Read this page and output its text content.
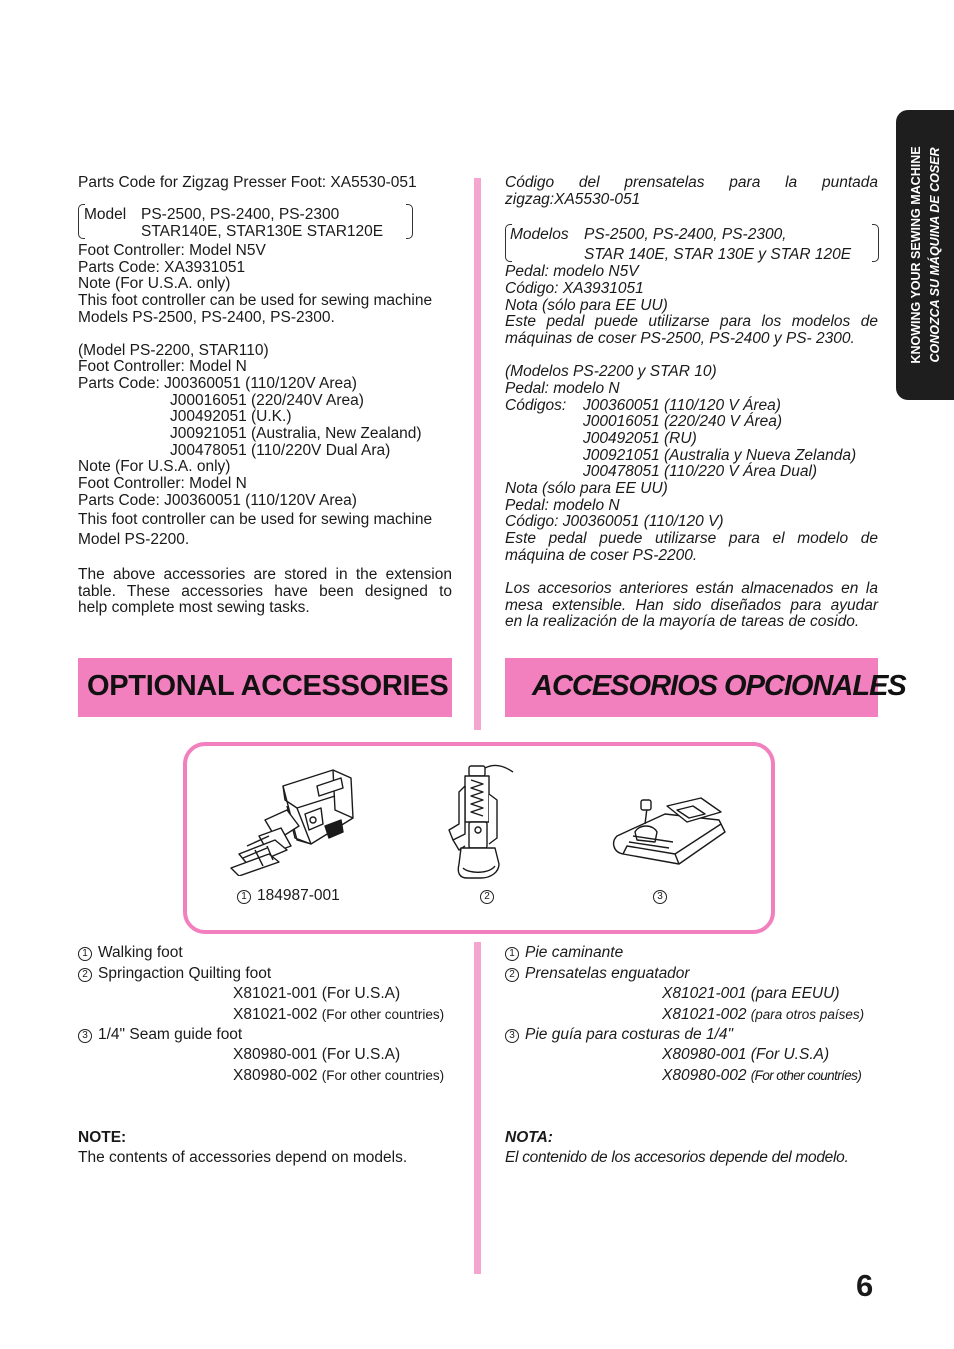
KNOWING YOUR SEWING MACHINE CONOZCA SU MÁQUINA DE COSER
Parts Code for Zigzag Presser Foot: XA5530-051
Model PS-2500, PS-2400, PS-2300
STAR140E, STAR130E STAR120E
Foot Controller: Model N5V
Parts Code: XA3931051
Note (For U.S.A. only)
This foot controller can be used for sewing machine
Models PS-2500, PS-2400, PS-2300.
(Model PS-2200, STAR110)
Foot Controller: Model N
Parts Code: J00360051 (110/120V Area)
J00016051 (220/240V Area)
J00492051 (U.K.)
J00921051 (Australia, New Zealand)
J00478051 (110/220V Dual Ara)
Note (For U.S.A. only)
Foot Controller: Model N
Parts Code: J00360051 (110/120V Area)
This foot controller can be used for sewing machine
Model PS-2200.
The above accessories are stored in the extension
table. These accessories have been designed to
help complete most sewing tasks.
OPTIONAL ACCESSORIES
1 Walking foot
2 Springaction Quilting foot
X81021-001 (For U.S.A)
X81021-002 (For other countries)
3 1/4" Seam guide foot
X80980-001 (For U.S.A)
X80980-002 (For other countries)
NOTE:
The contents of accessories depend on models.
Código del prensatelas para la puntada
zigzag:XA5530-051
Modelos PS-2500, PS-2400, PS-2300,
STAR 140E, STAR 130E y STAR 120E
Pedal: modelo N5V
Código: XA3931051
Nota (sólo para EE UU)
Este pedal puede utilizarse para los modelos de
máquinas de coser PS-2500, PS-2400 y PS- 2300.
(Modelos PS-2200 y STAR 10)
Pedal: modelo N
Códigos: J00360051 (110/120 V Área)
J00016051 (220/240 V Área)
J00492051 (RU)
J00921051 (Australia y Nueva Zelanda)
J00478051 (110/220 V Área Dual)
Nota (sólo para EE UU)
Pedal: modelo N
Código: J00360051 (110/120 V)
Este pedal puede utilizarse para el modelo de
máquina de coser PS-2200.
Los accesorios anteriores están almacenados en la
mesa extensible. Han sido diseñados para ayudar
en la realización de la mayoría de tareas de cosido.
ACCESORIOS OPCIONALES
1 Pie caminante
2 Prensatelas enguatador
X81021-001 (para EEUU)
X81021-002 (para otros países)
3 Pie guía para costuras de 1/4"
X80980-001 (For U.S.A)
X80980-002 (For other countríes)
NOTA:
El contenido de los accesorios depende del modelo.
1 184987-001	2	3
6
